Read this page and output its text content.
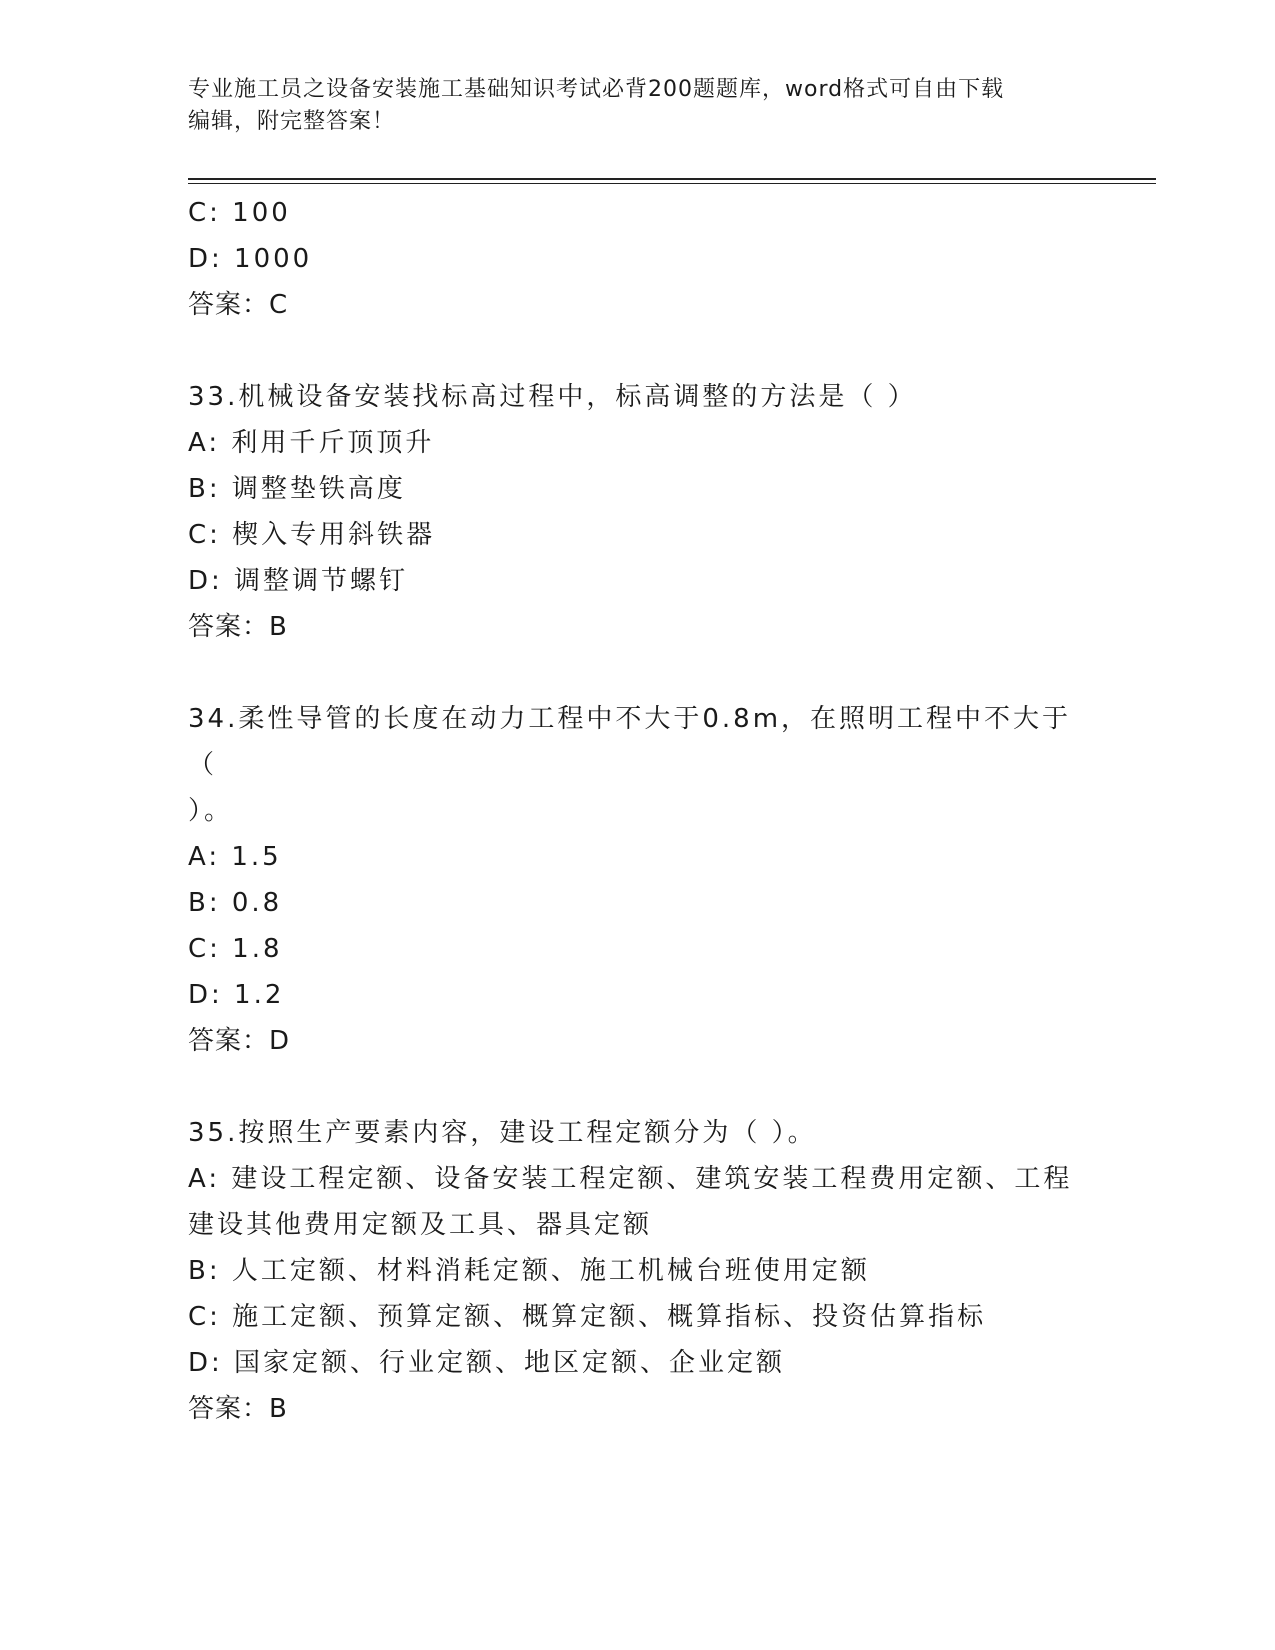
专业施工员之设备安装施工基础知识考试必背200题题库，word格式可自由下载
编辑，附完整答案！
C: 100
D: 1000
答案：C
33.机械设备安装找标高过程中，标高调整的方法是（ ）
A: 利用千斤顶顶升
B: 调整垫铁高度
C: 楔入专用斜铁器
D: 调整调节螺钉
答案：B
34.柔性导管的长度在动力工程中不大于0.8m，在照明工程中不大于（
）。
A: 1.5
B: 0.8
C: 1.8
D: 1.2
答案：D
35.按照生产要素内容，建设工程定额分为（ ）。
A: 建设工程定额、设备安装工程定额、建筑安装工程费用定额、工程
建设其他费用定额及工具、器具定额
B: 人工定额、材料消耗定额、施工机械台班使用定额
C: 施工定额、预算定额、概算定额、概算指标、投资估算指标
D: 国家定额、行业定额、地区定额、企业定额
答案：B
